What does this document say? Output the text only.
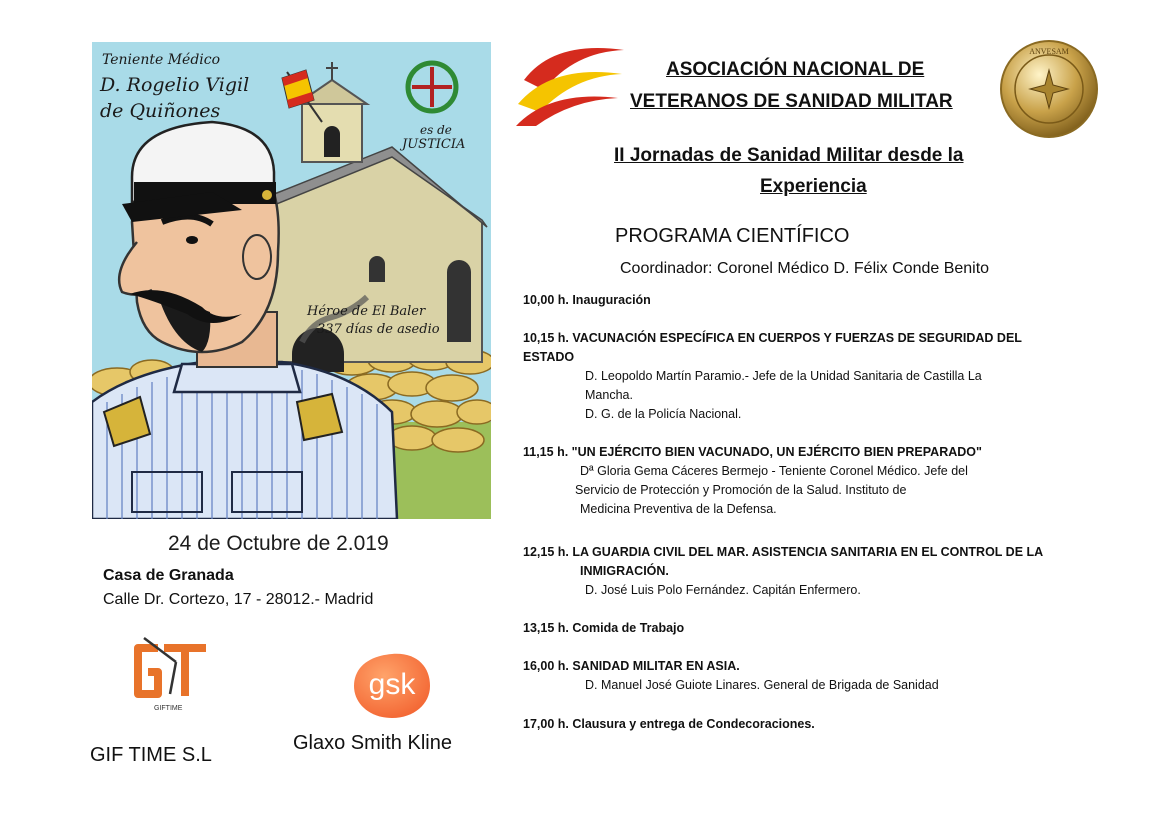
Teniente Médico
D. Rogelio Vigil
de Quiñones
es de
JUSTICIA
Héroe de El Baler
337 días de asedio
24 de Octubre de 2.019
Casa de Granada
Calle Dr. Cortezo, 17 - 28012.- Madrid
GIFTIME
GIF TIME S.L
gsk
Glaxo Smith Kline
ASOCIACIÓN NACIONAL DE
VETERANOS DE SANIDAD MILITAR
ANVESAM
II Jornadas de Sanidad Militar desde la
Experiencia
PROGRAMA CIENTÍFICO
Coordinador: Coronel Médico D. Félix Conde Benito
10,00 h. Inauguración
10,15 h. VACUNACIÓN ESPECÍFICA EN CUERPOS Y FUERZAS DE SEGURIDAD DEL
ESTADO
D. Leopoldo Martín Paramio.- Jefe de la Unidad Sanitaria de Castilla La
Mancha.
D. G. de la Policía Nacional.
11,15 h. "UN EJÉRCITO BIEN VACUNADO, UN EJÉRCITO BIEN PREPARADO"
Dª Gloria Gema Cáceres Bermejo - Teniente Coronel Médico. Jefe del
Servicio de Protección y Promoción de la Salud. Instituto de
Medicina Preventiva de la Defensa.
12,15 h. LA GUARDIA CIVIL DEL MAR. ASISTENCIA SANITARIA EN EL CONTROL DE LA
INMIGRACIÓN.
D. José Luis Polo Fernández. Capitán Enfermero.
13,15 h. Comida de Trabajo
16,00 h. SANIDAD MILITAR EN ASIA.
D. Manuel José Guiote Linares. General de Brigada de Sanidad
17,00 h. Clausura y entrega de Condecoraciones.
